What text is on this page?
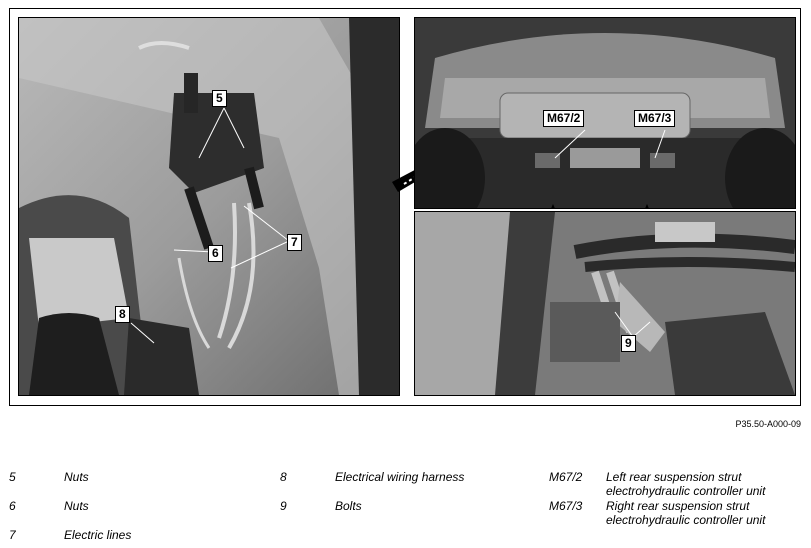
5
6
7
8
M67/2	M67/3
9
P35.50-A000-09
5	Nuts
6	Nuts
7	Electric lines
8	Electrical wiring harness
9	Bolts
M67/2 Left rear suspension strut
electrohydraulic controller unit
M67/3 Right rear suspension strut
electrohydraulic controller unit
